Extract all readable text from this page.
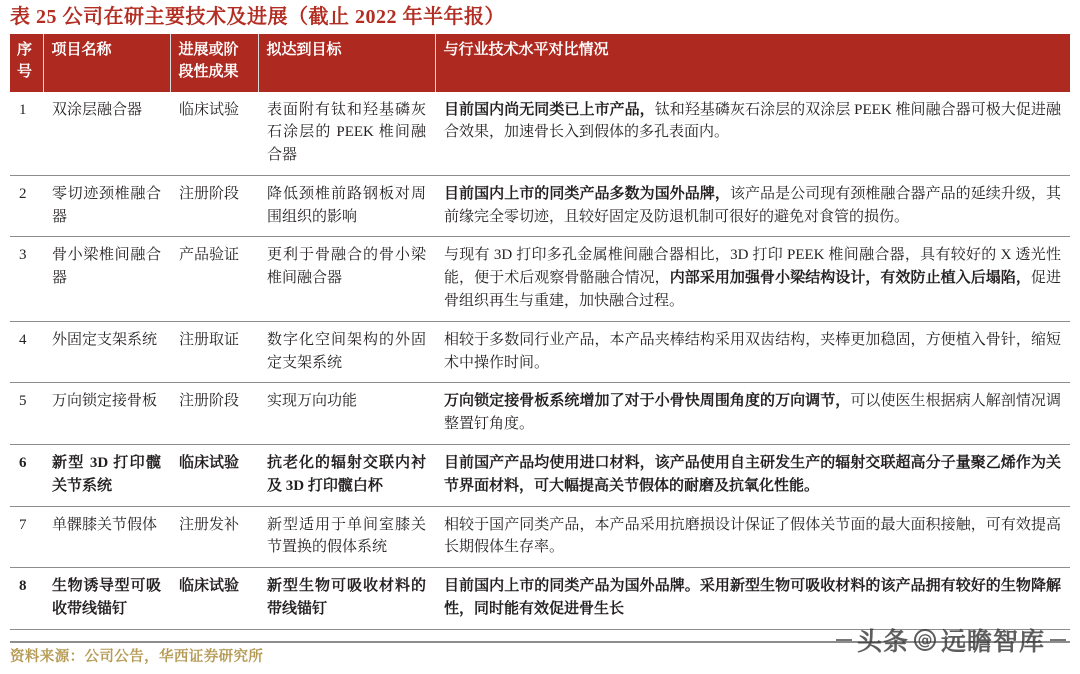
表 25 公司在研主要技术及进展（截止 2022 年半年报）
序号	项目名称	进展或阶段性成果	拟达到目标	与行业技术水平对比情况
1	双涂层融合器	临床试验	表面附有钛和羟基磷灰石涂层的 PEEK 椎间融合器	目前国内尚无同类已上市产品，钛和羟基磷灰石涂层的双涂层 PEEK 椎间融合器可极大促进融合效果，加速骨长入到假体的多孔表面内。
2	零切迹颈椎融合器	注册阶段	降低颈椎前路钢板对周围组织的影响	目前国内上市的同类产品多数为国外品牌，该产品是公司现有颈椎融合器产品的延续升级，其前缘完全零切迹，且较好固定及防退机制可很好的避免对食管的损伤。
3	骨小梁椎间融合器	产品验证	更利于骨融合的骨小梁椎间融合器	与现有 3D 打印多孔金属椎间融合器相比，3D 打印 PEEK 椎间融合器，具有较好的 X 透光性能，便于术后观察骨骼融合情况，内部采用加强骨小梁结构设计，有效防止植入后塌陷，促进骨组织再生与重建，加快融合过程。
4	外固定支架系统	注册取证	数字化空间架构的外固定支架系统	相较于多数同行业产品，本产品夹棒结构采用双齿结构，夹棒更加稳固，方便植入骨针，缩短术中操作时间。
5	万向锁定接骨板	注册阶段	实现万向功能	万向锁定接骨板系统增加了对于小骨快周围角度的万向调节，可以使医生根据病人解剖情况调整置钉角度。
6	新型 3D 打印髋关节系统	临床试验	抗老化的辐射交联内衬及 3D 打印髋白杯	目前国产产品均使用进口材料，该产品使用自主研发生产的辐射交联超高分子量聚乙烯作为关节界面材料，可大幅提高关节假体的耐磨及抗氧化性能。
7	单髁膝关节假体	注册发补	新型适用于单间室膝关节置换的假体系统	相较于国产同类产品，本产品采用抗磨损设计保证了假体关节面的最大面积接触，可有效提高长期假体生存率。
8	生物诱导型可吸收带线锚钉	临床试验	新型生物可吸收材料的带线锚钉	目前国内上市的同类产品为国外品牌。采用新型生物可吸收材料的该产品拥有较好的生物降解性，同时能有效促进骨生长
资料来源：公司公告，华西证券研究所
头条 @ 远瞻智库
